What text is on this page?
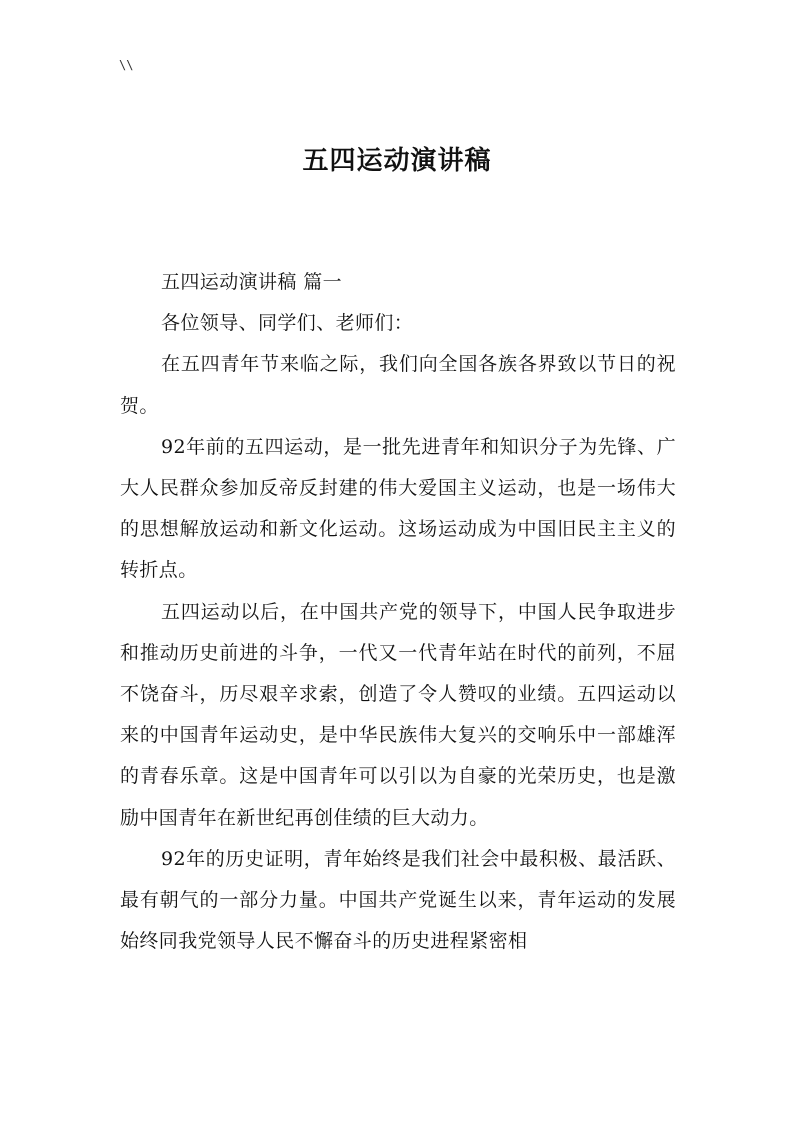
\\
五四运动演讲稿

五四运动演讲稿 篇一

各位领导、同学们、老师们：

在五四青年节来临之际，我们向全国各族各界致以节日的祝贺。

92年前的五四运动，是一批先进青年和知识分子为先锋、广大人民群众参加反帝反封建的伟大爱国主义运动，也是一场伟大的思想解放运动和新文化运动。这场运动成为中国旧民主主义的转折点。

五四运动以后，在中国共产党的领导下，中国人民争取进步和推动历史前进的斗争，一代又一代青年站在时代的前列，不屈不饶奋斗，历尽艰辛求索，创造了令人赞叹的业绩。五四运动以来的中国青年运动史，是中华民族伟大复兴的交响乐中一部雄浑的青春乐章。这是中国青年可以引以为自豪的光荣历史，也是激励中国青年在新世纪再创佳绩的巨大动力。

92年的历史证明，青年始终是我们社会中最积极、最活跃、最有朝气的一部分力量。中国共产党诞生以来，青年运动的发展始终同我党领导人民不懈奋斗的历史进程紧密相
